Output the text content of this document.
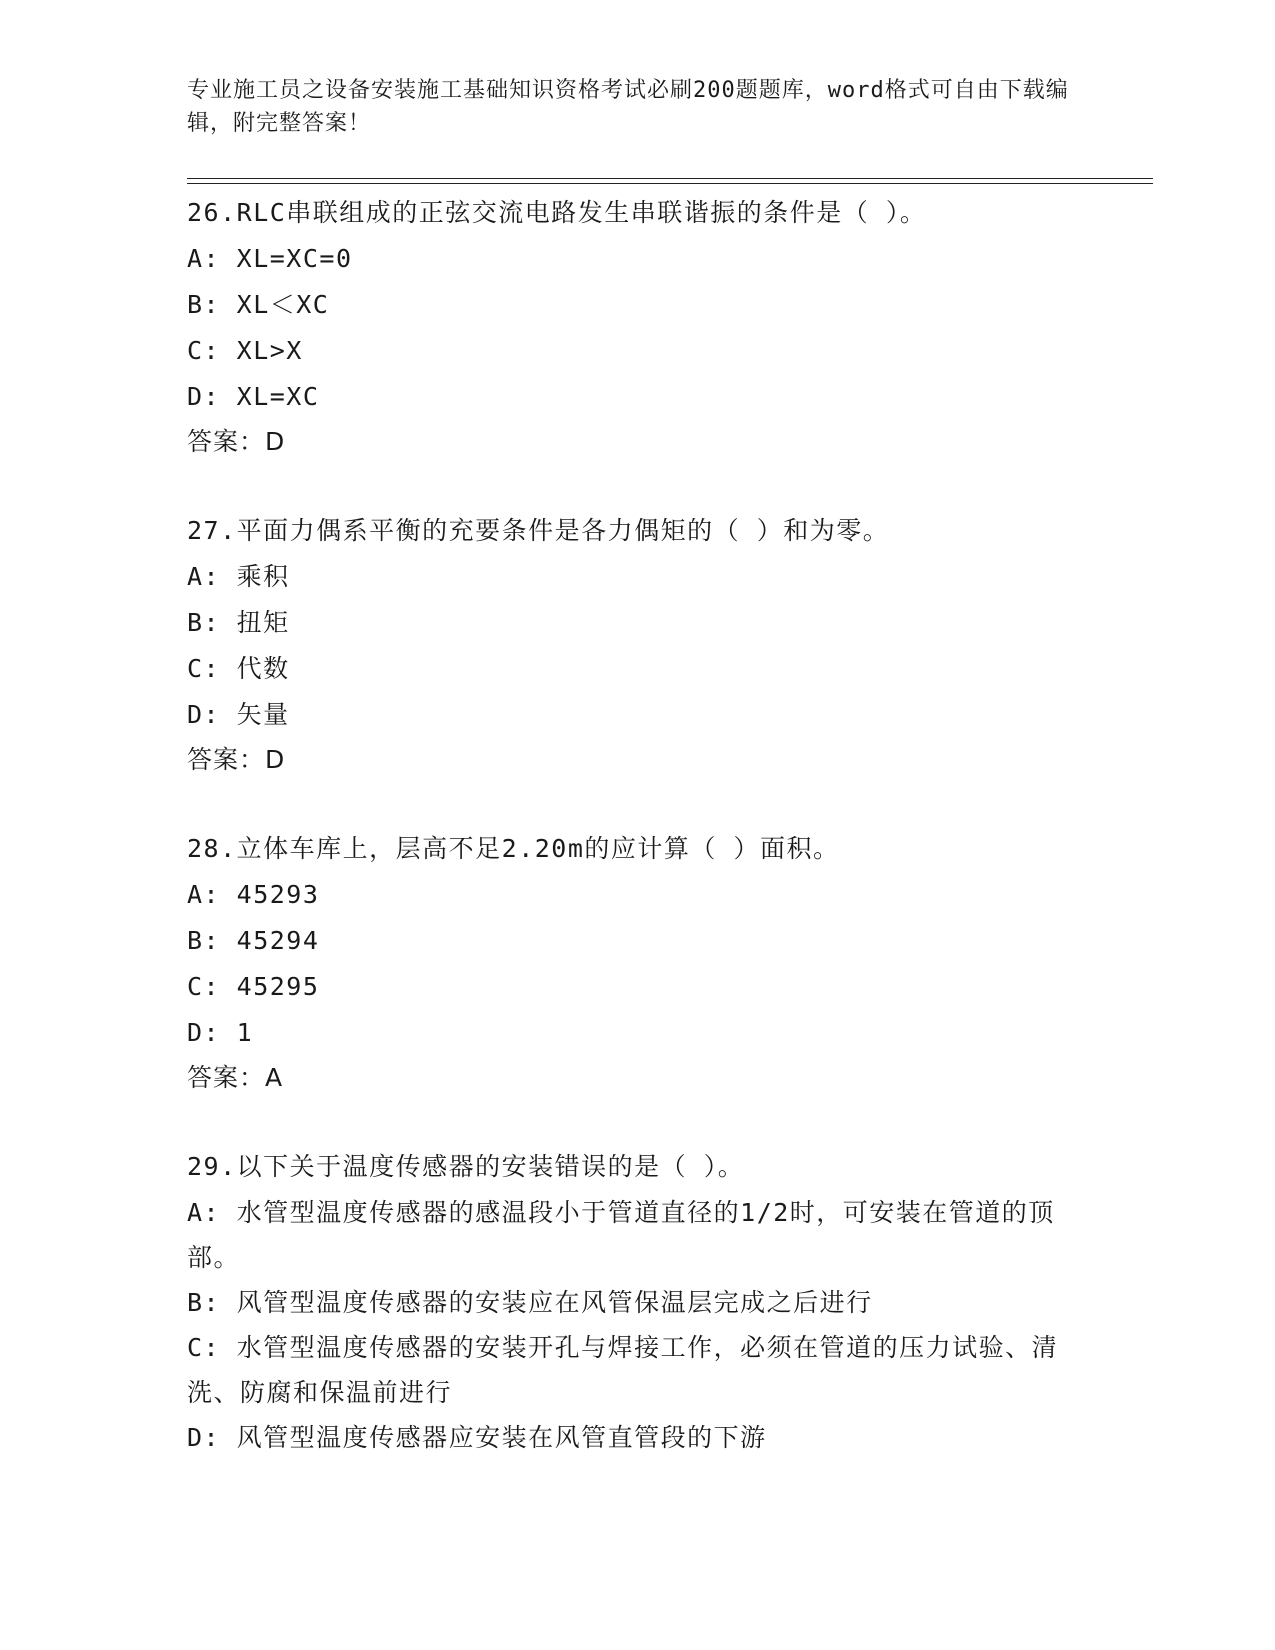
专业施工员之设备安装施工基础知识资格考试必刷200题题库，word格式可自由下载编辑，附完整答案！
26.RLC串联组成的正弦交流电路发生串联谐振的条件是（ ）。
A: XL=XC=0
B: XL＜XC
C: XL>X
D: XL=XC
答案：D
27.平面力偶系平衡的充要条件是各力偶矩的（ ）和为零。
A: 乘积
B: 扭矩
C: 代数
D: 矢量
答案：D
28.立体车库上，层高不足2.20m的应计算（ ）面积。
A: 45293
B: 45294
C: 45295
D: 1
答案：A
29.以下关于温度传感器的安装错误的是（ ）。
A: 水管型温度传感器的感温段小于管道直径的1/2时，可安装在管道的顶部。
B: 风管型温度传感器的安装应在风管保温层完成之后进行
C: 水管型温度传感器的安装开孔与焊接工作，必须在管道的压力试验、清洗、防腐和保温前进行
D: 风管型温度传感器应安装在风管直管段的下游
